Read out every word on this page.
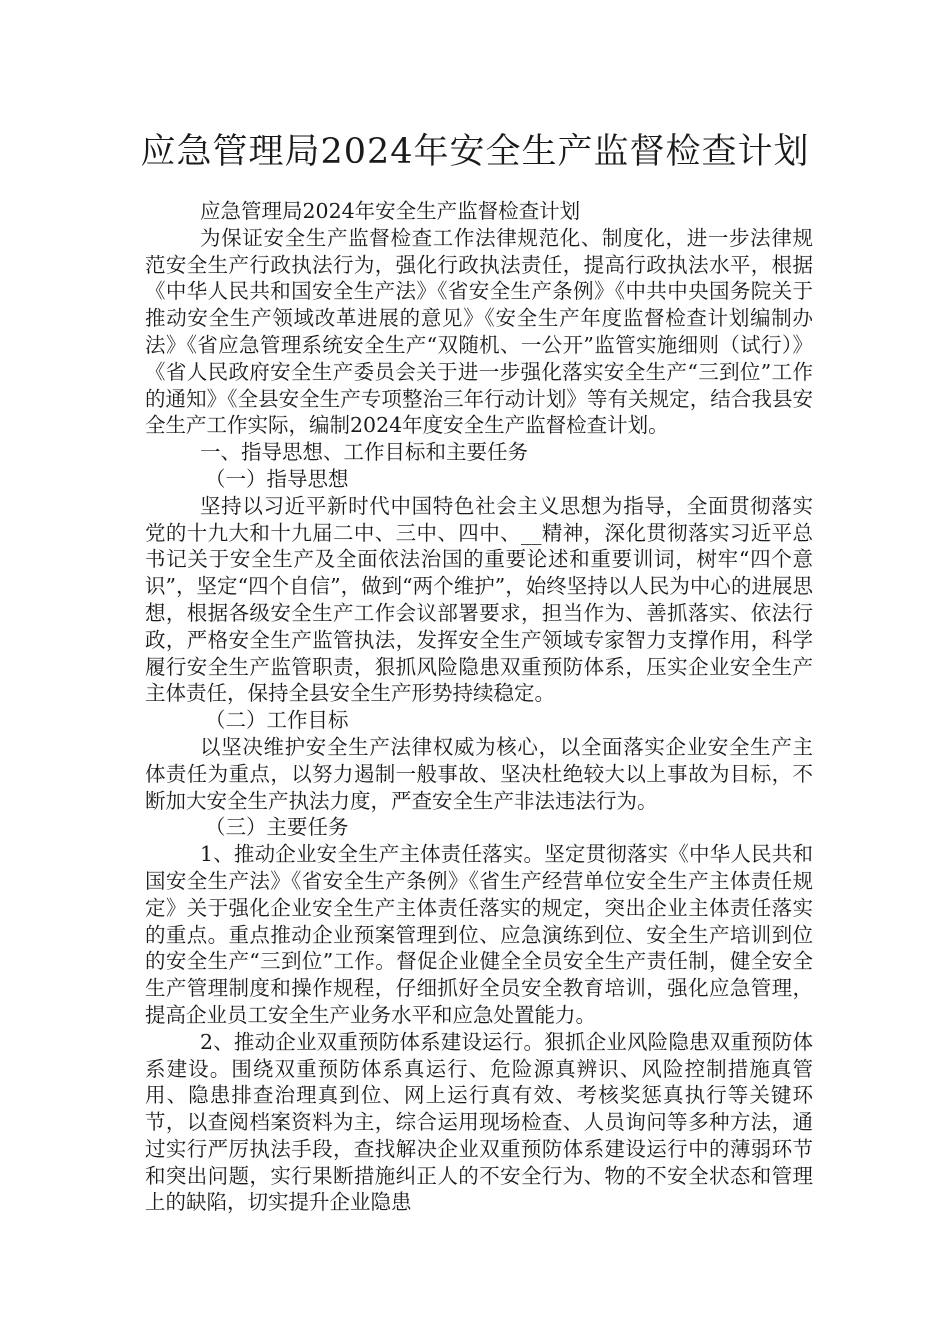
应急管理局2024年安全生产监督检查计划

应急管理局2024年安全生产监督检查计划

为保证安全生产监督检查工作法律规范化、制度化，进一步法律规范安全生产行政执法行为，强化行政执法责任，提高行政执法水平，根据《中华人民共和国安全生产法》《省安全生产条例》《中共中央国务院关于推动安全生产领域改革进展的意见》《安全生产年度监督检查计划编制办法》《省应急管理系统安全生产“双随机、一公开”监管实施细则（试行）》《省人民政府安全生产委员会关于进一步强化落实安全生产“三到位”工作的通知》《全县安全生产专项整治三年行动计划》等有关规定，结合我县安全生产工作实际，编制2024年度安全生产监督检查计划。

一、指导思想、工作目标和主要任务

（一）指导思想

坚持以习近平新时代中国特色社会主义思想为指导，全面贯彻落实党的十九大和十九届二中、三中、四中、__精神，深化贯彻落实习近平总书记关于安全生产及全面依法治国的重要论述和重要训词，树牢“四个意识”，坚定“四个自信”，做到“两个维护”，始终坚持以人民为中心的进展思想，根据各级安全生产工作会议部署要求，担当作为、善抓落实、依法行政，严格安全生产监管执法，发挥安全生产领域专家智力支撑作用，科学履行安全生产监管职责，狠抓风险隐患双重预防体系，压实企业安全生产主体责任，保持全县安全生产形势持续稳定。

（二）工作目标

以坚决维护安全生产法律权威为核心，以全面落实企业安全生产主体责任为重点，以努力遏制一般事故、坚决杜绝较大以上事故为目标，不断加大安全生产执法力度，严查安全生产非法违法行为。

（三）主要任务

1、推动企业安全生产主体责任落实。坚定贯彻落实《中华人民共和国安全生产法》《省安全生产条例》《省生产经营单位安全生产主体责任规定》关于强化企业安全生产主体责任落实的规定，突出企业主体责任落实的重点。重点推动企业预案管理到位、应急演练到位、安全生产培训到位的安全生产“三到位”工作。督促企业健全全员安全生产责任制，健全安全生产管理制度和操作规程，仔细抓好全员安全教育培训，强化应急管理，提高企业员工安全生产业务水平和应急处置能力。

2、推动企业双重预防体系建设运行。狠抓企业风险隐患双重预防体系建设。围绕双重预防体系真运行、危险源真辨识、风险控制措施真管用、隐患排查治理真到位、网上运行真有效、考核奖惩真执行等关键环节，以查阅档案资料为主，综合运用现场检查、人员询问等多种方法，通过实行严厉执法手段，查找解决企业双重预防体系建设运行中的薄弱环节和突出问题，实行果断措施纠正人的不安全行为、物的不安全状态和管理上的缺陷，切实提升企业隐患
